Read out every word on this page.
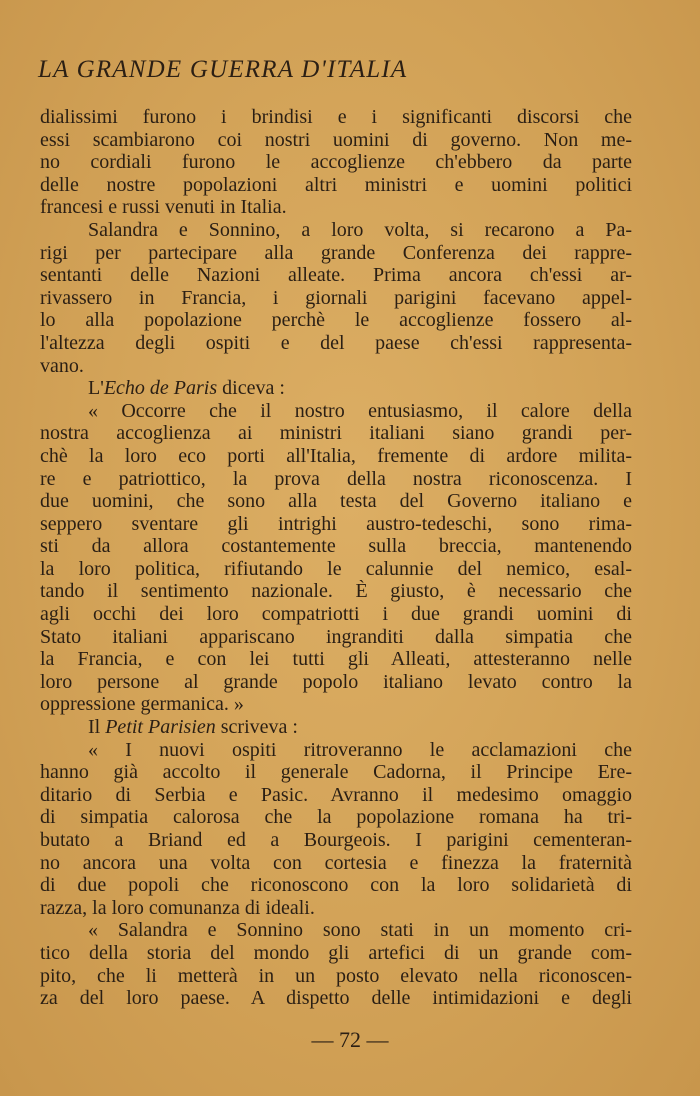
LA GRANDE GUERRA D'ITALIA
dialissimi furono i brindisi e i significanti discorsi che
essi scambiarono coi nostri uomini di governo. Non me-
no cordiali furono le accoglienze ch'ebbero da parte
delle nostre popolazioni altri ministri e uomini politici
francesi e russi venuti in Italia.
Salandra e Sonnino, a loro volta, si recarono a Pa-
rigi per partecipare alla grande Conferenza dei rappre-
sentanti delle Nazioni alleate. Prima ancora ch'essi ar-
rivassero in Francia, i giornali parigini facevano appel-
lo alla popolazione perchè le accoglienze fossero al-
l'altezza degli ospiti e del paese ch'essi rappresenta-
vano.
L'Echo de Paris diceva :
« Occorre che il nostro entusiasmo, il calore della
nostra accoglienza ai ministri italiani siano grandi per-
chè la loro eco porti all'Italia, fremente di ardore milita-
re e patriottico, la prova della nostra riconoscenza. I
due uomini, che sono alla testa del Governo italiano e
seppero sventare gli intrighi austro-tedeschi, sono rima-
sti da allora costantemente sulla breccia, mantenendo
la loro politica, rifiutando le calunnie del nemico, esal-
tando il sentimento nazionale. È giusto, è necessario che
agli occhi dei loro compatriotti i due grandi uomini di
Stato italiani appariscano ingranditi dalla simpatia che
la Francia, e con lei tutti gli Alleati, attesteranno nelle
loro persone al grande popolo italiano levato contro la
oppressione germanica. »
Il Petit Parisien scriveva :
« I nuovi ospiti ritroveranno le acclamazioni che
hanno già accolto il generale Cadorna, il Principe Ere-
ditario di Serbia e Pasic. Avranno il medesimo omaggio
di simpatia calorosa che la popolazione romana ha tri-
butato a Briand ed a Bourgeois. I parigini cementeran-
no ancora una volta con cortesia e finezza la fraternità
di due popoli che riconoscono con la loro solidarietà di
razza, la loro comunanza di ideali.
« Salandra e Sonnino sono stati in un momento cri-
tico della storia del mondo gli artefici di un grande com-
pito, che li metterà in un posto elevato nella riconoscen-
za del loro paese. A dispetto delle intimidazioni e degli
— 72 —
